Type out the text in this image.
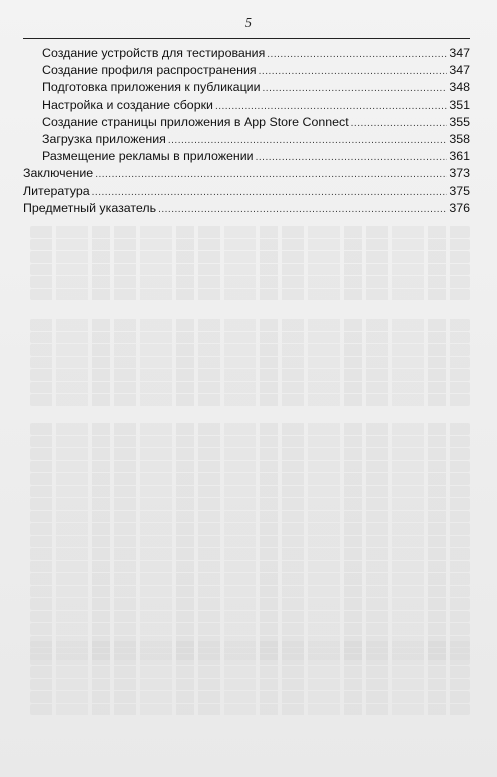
5
Создание устройств для тестирования .....	347
Создание профиля распространения .....	347
Подготовка приложения к публикации .....	348
Настройка и создание сборки .....	351
Создание страницы приложения в App Store Connect .....	355
Загрузка приложения .....	358
Размещение рекламы в приложении .....	361
Заключение .....	373
Литература .....	375
Предметный указатель .....	376
